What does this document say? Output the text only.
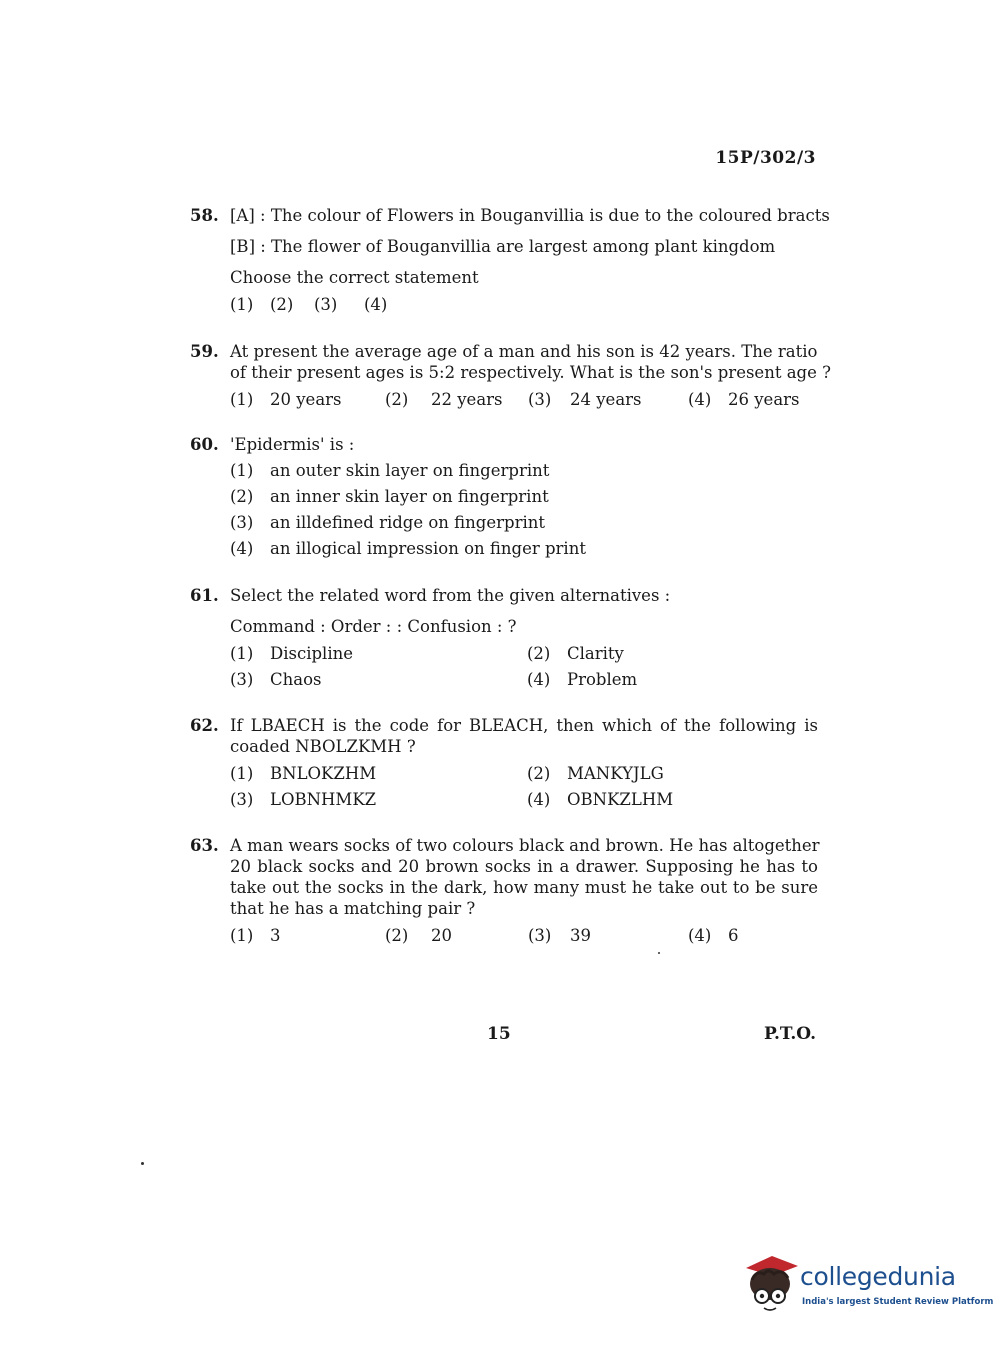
15P/302/3
58. [A] : The colour of Flowers in Bouganvillia is due to the coloured bracts
[B] : The flower of Bouganvillia are largest among plant kingdom
Choose the correct statement
(1)	(2)	(3)	(4)
59. At present the average age of a man and his son is 42 years. The ratio
of their present ages is 5:2 respectively. What is the son's present age ?
(1) 20 years	(2) 22 years	(3) 24 years	(4) 26 years
60. 'Epidermis' is :
(1) an outer skin layer on fingerprint
(2) an inner skin layer on fingerprint
(3) an illdefined ridge on fingerprint
(4) an illogical impression on finger print
61. Select the related word from the given alternatives :
Command : Order : : Confusion : ?
(1) Discipline	(2) Clarity
(3) Chaos	(4) Problem
62. If LBAECH is the code for BLEACH, then which of the following is
coaded NBOLZKMH ?
(1) BNLOKZHM	(2) MANKYJLG
(3) LOBNHMKZ	(4) OBNKZLHM
63. A man wears socks of two colours black and brown. He has altogether
20 black socks and 20 brown socks in a drawer. Supposing he has to
take out the socks in the dark, how many must he take out to be sure
that he has a matching pair ?
(1) 3	(2) 20	(3) 39	(4) 6
15	P.T.O.
collegedunia
India's largest Student Review Platform
